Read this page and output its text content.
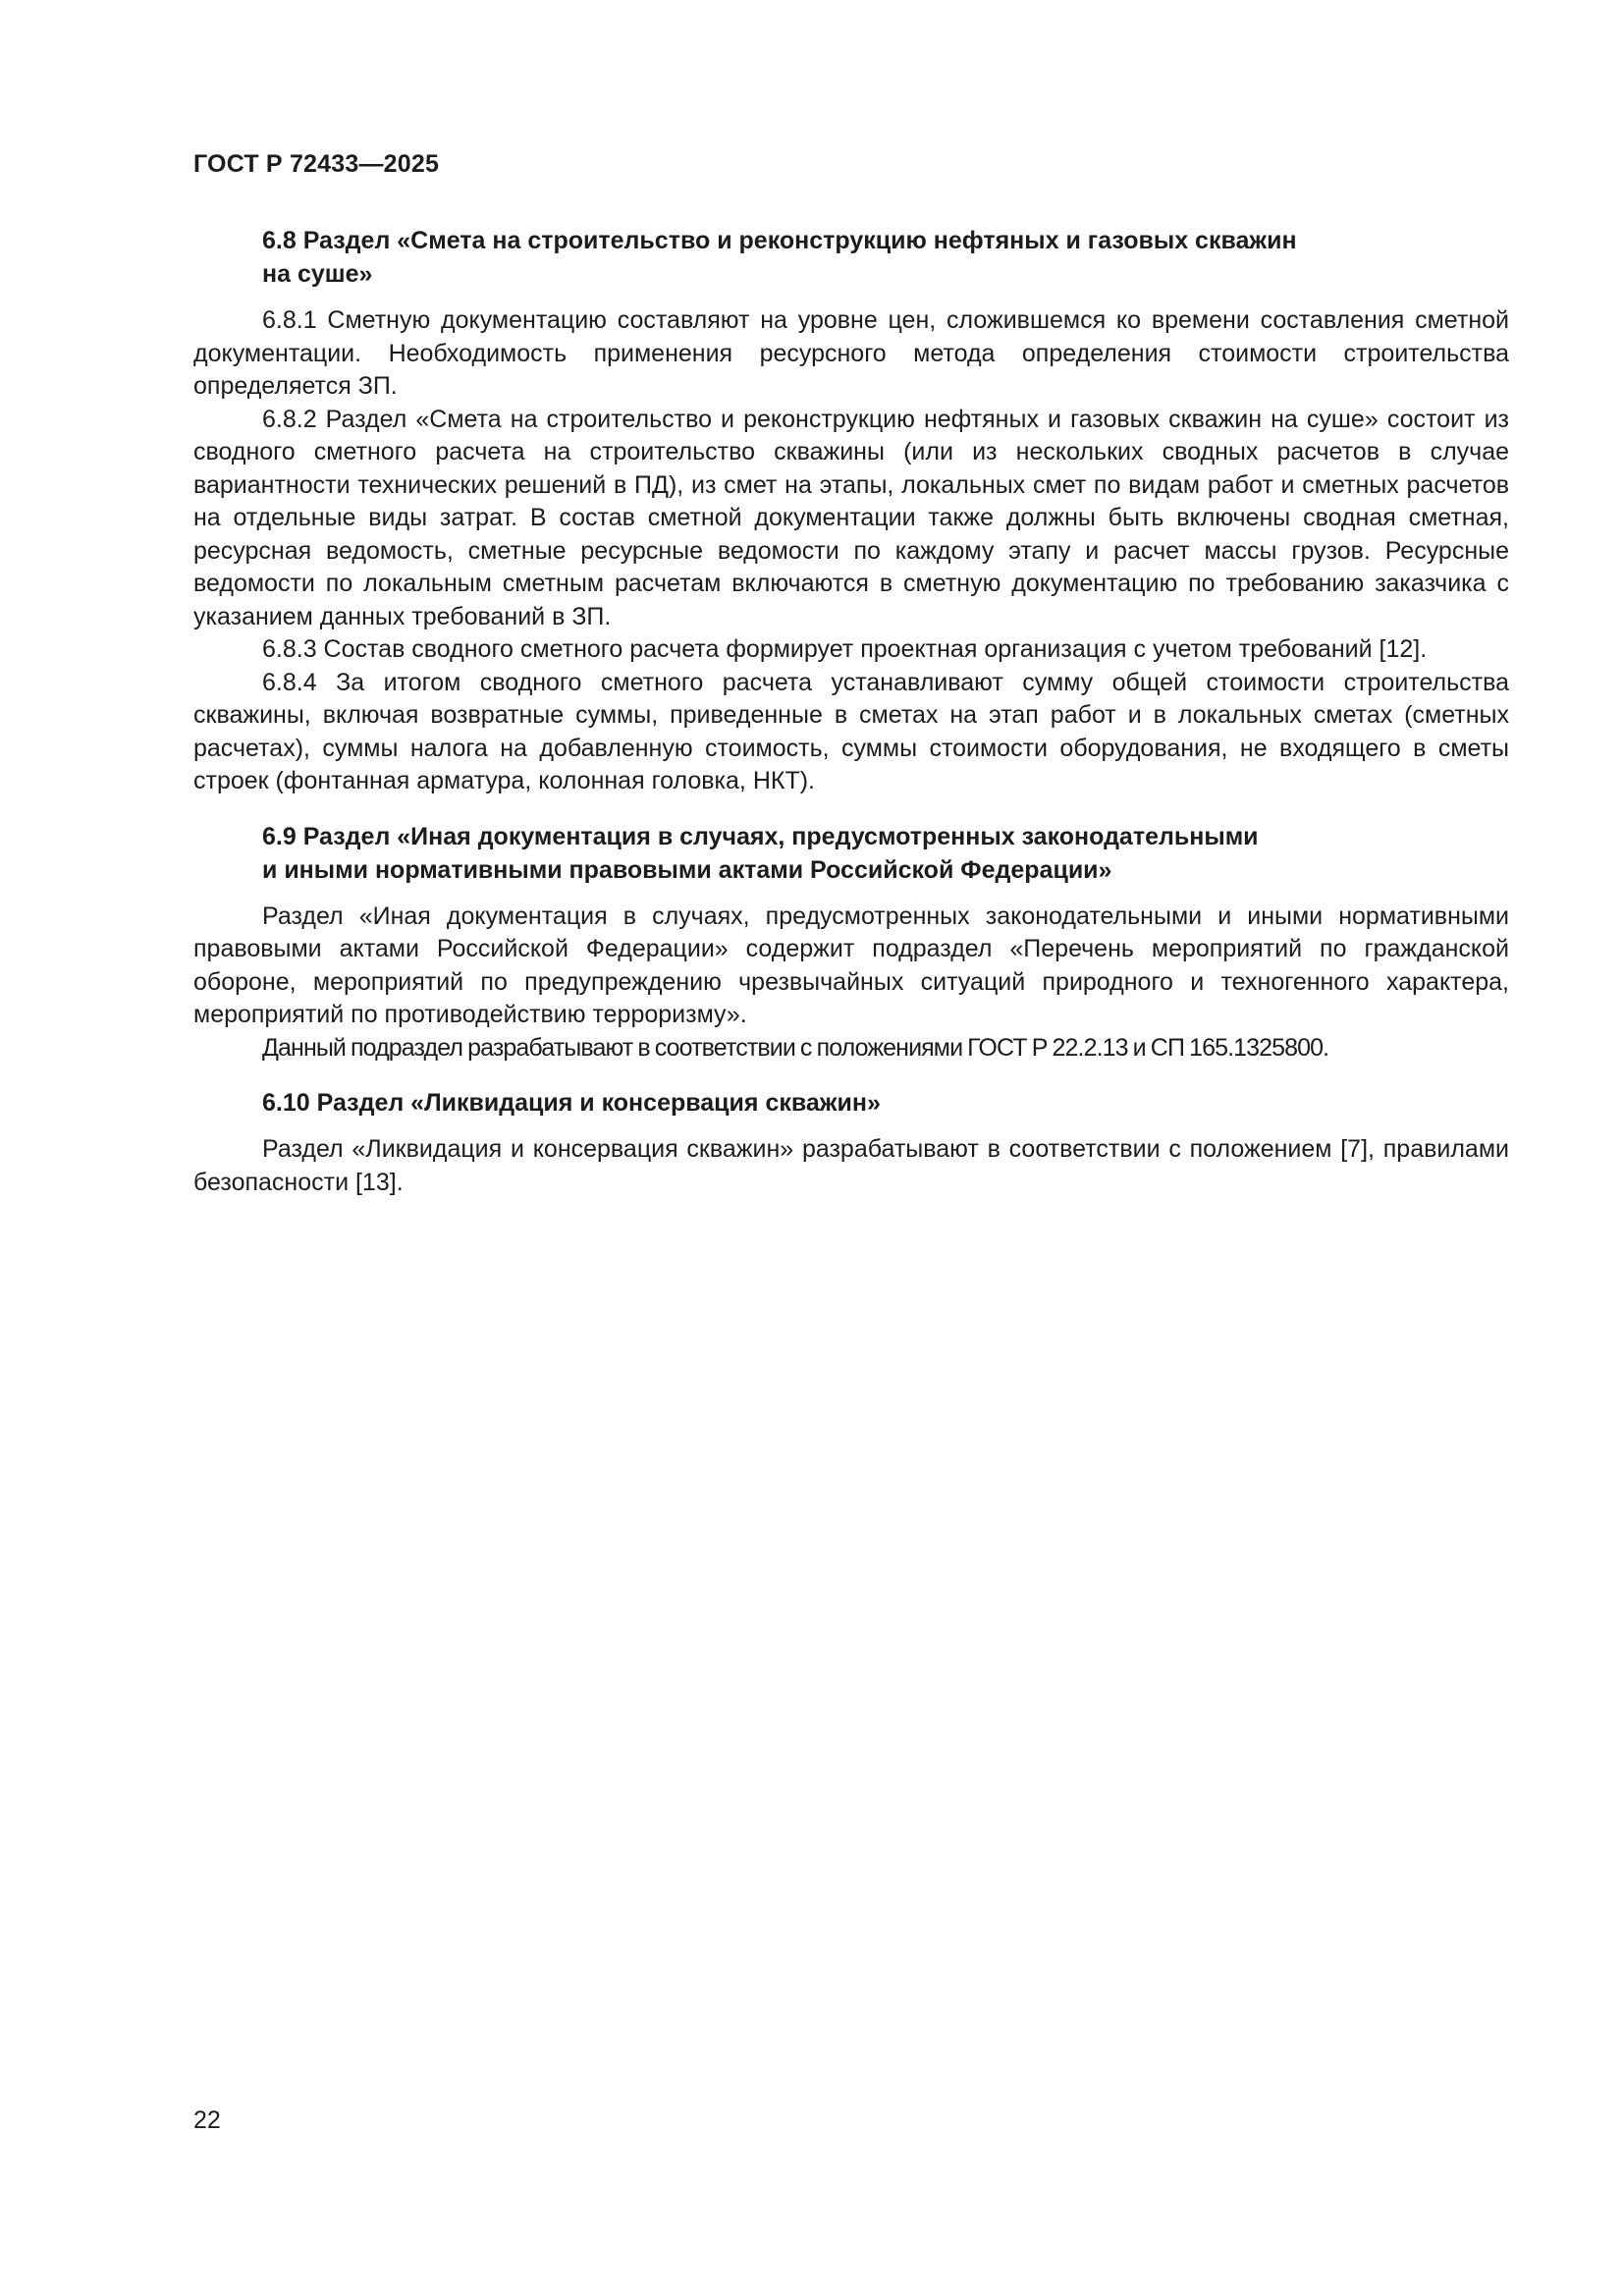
ГОСТ Р 72433—2025

6.8 Раздел «Смета на строительство и реконструкцию нефтяных и газовых скважин
на суше»

6.8.1 Сметную документацию составляют на уровне цен, сложившемся ко времени составления сметной документации. Необходимость применения ресурсного метода определения стоимости строительства определяется ЗП.

6.8.2 Раздел «Смета на строительство и реконструкцию нефтяных и газовых скважин на суше» состоит из сводного сметного расчета на строительство скважины (или из нескольких сводных расчетов в случае вариантности технических решений в ПД), из смет на этапы, локальных смет по видам работ и сметных расчетов на отдельные виды затрат. В состав сметной документации также должны быть включены сводная сметная, ресурсная ведомость, сметные ресурсные ведомости по каждому этапу и расчет массы грузов. Ресурсные ведомости по локальным сметным расчетам включаются в сметную документацию по требованию заказчика с указанием данных требований в ЗП.

6.8.3 Состав сводного сметного расчета формирует проектная организация с учетом требований [12].

6.8.4 За итогом сводного сметного расчета устанавливают сумму общей стоимости строительства скважины, включая возвратные суммы, приведенные в сметах на этап работ и в локальных сметах (сметных расчетах), суммы налога на добавленную стоимость, суммы стоимости оборудования, не входящего в сметы строек (фонтанная арматура, колонная головка, НКТ).

6.9 Раздел «Иная документация в случаях, предусмотренных законодательными
и иными нормативными правовыми актами Российской Федерации»

Раздел «Иная документация в случаях, предусмотренных законодательными и иными нормативными правовыми актами Российской Федерации» содержит подраздел «Перечень мероприятий по гражданской обороне, мероприятий по предупреждению чрезвычайных ситуаций природного и техногенного характера, мероприятий по противодействию терроризму».

Данный подраздел разрабатывают в соответствии с положениями ГОСТ Р 22.2.13 и СП 165.1325800.

6.10 Раздел «Ликвидация и консервация скважин»

Раздел «Ликвидация и консервация скважин» разрабатывают в соответствии с положением [7], правилами безопасности [13].

22
